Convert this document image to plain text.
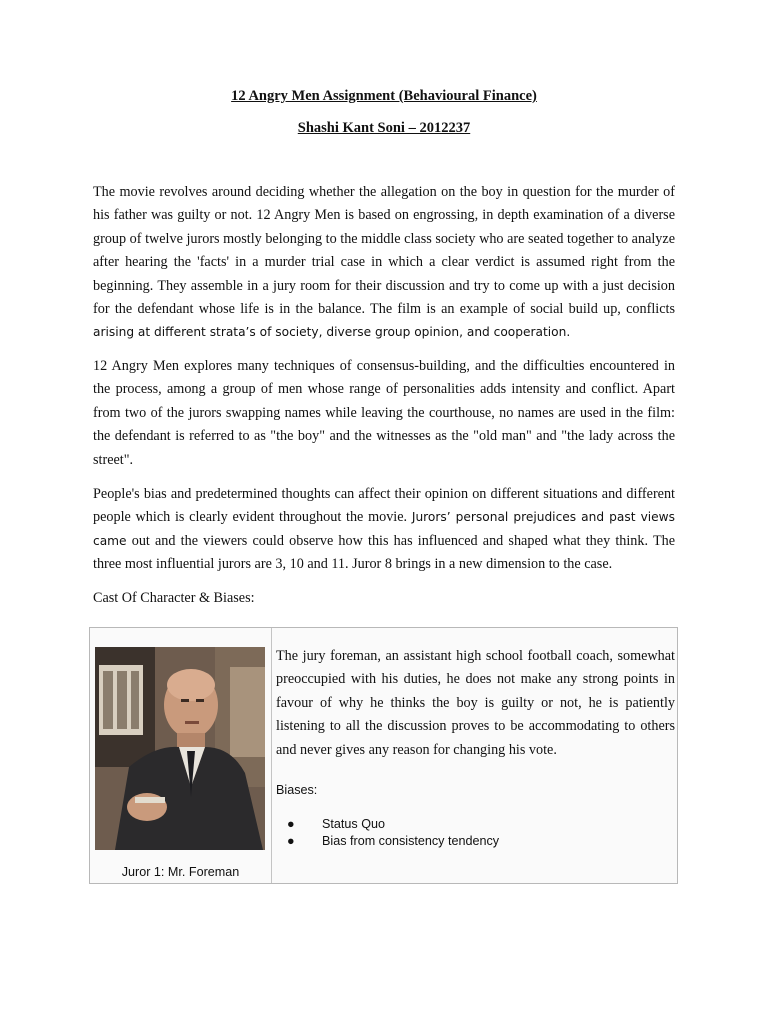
12 Angry Men Assignment (Behavioural Finance)
Shashi Kant Soni – 2012237
The movie revolves around deciding whether the allegation on the boy in question for the murder of his father was guilty or not. 12 Angry Men is based on engrossing, in depth examination of a diverse group of twelve jurors mostly belonging to the middle class society who are seated together to analyze after hearing the 'facts' in a murder trial case in which a clear verdict is assumed right from the beginning. They assemble in a jury room for their discussion and try to come up with a just decision for the defendant whose life is in the balance. The film is an example of social build up, conflicts arising at different strata’s of society, diverse group opinion, and cooperation.
12 Angry Men explores many techniques of consensus-building, and the difficulties encountered in the process, among a group of men whose range of personalities adds intensity and conflict. Apart from two of the jurors swapping names while leaving the courthouse, no names are used in the film: the defendant is referred to as "the boy" and the witnesses as the "old man" and "the lady across the street".
People's bias and predetermined thoughts can affect their opinion on different situations and different people which is clearly evident throughout the movie. Jurors’ personal prejudices and past views came out and the viewers could observe how this has influenced and shaped what they think. The three most influential jurors are 3, 10 and 11. Juror 8 brings in a new dimension to the case.
Cast Of Character & Biases:
Juror 1: Mr. Foreman
The jury foreman, an assistant high school football coach, somewhat preoccupied with his duties, he does not make any strong points in favour of why he thinks the boy is guilty or not, he is patiently listening to all the discussion proves to be accommodating to others and never gives any reason for changing his vote.
Biases:
● Status Quo
● Bias from consistency tendency
